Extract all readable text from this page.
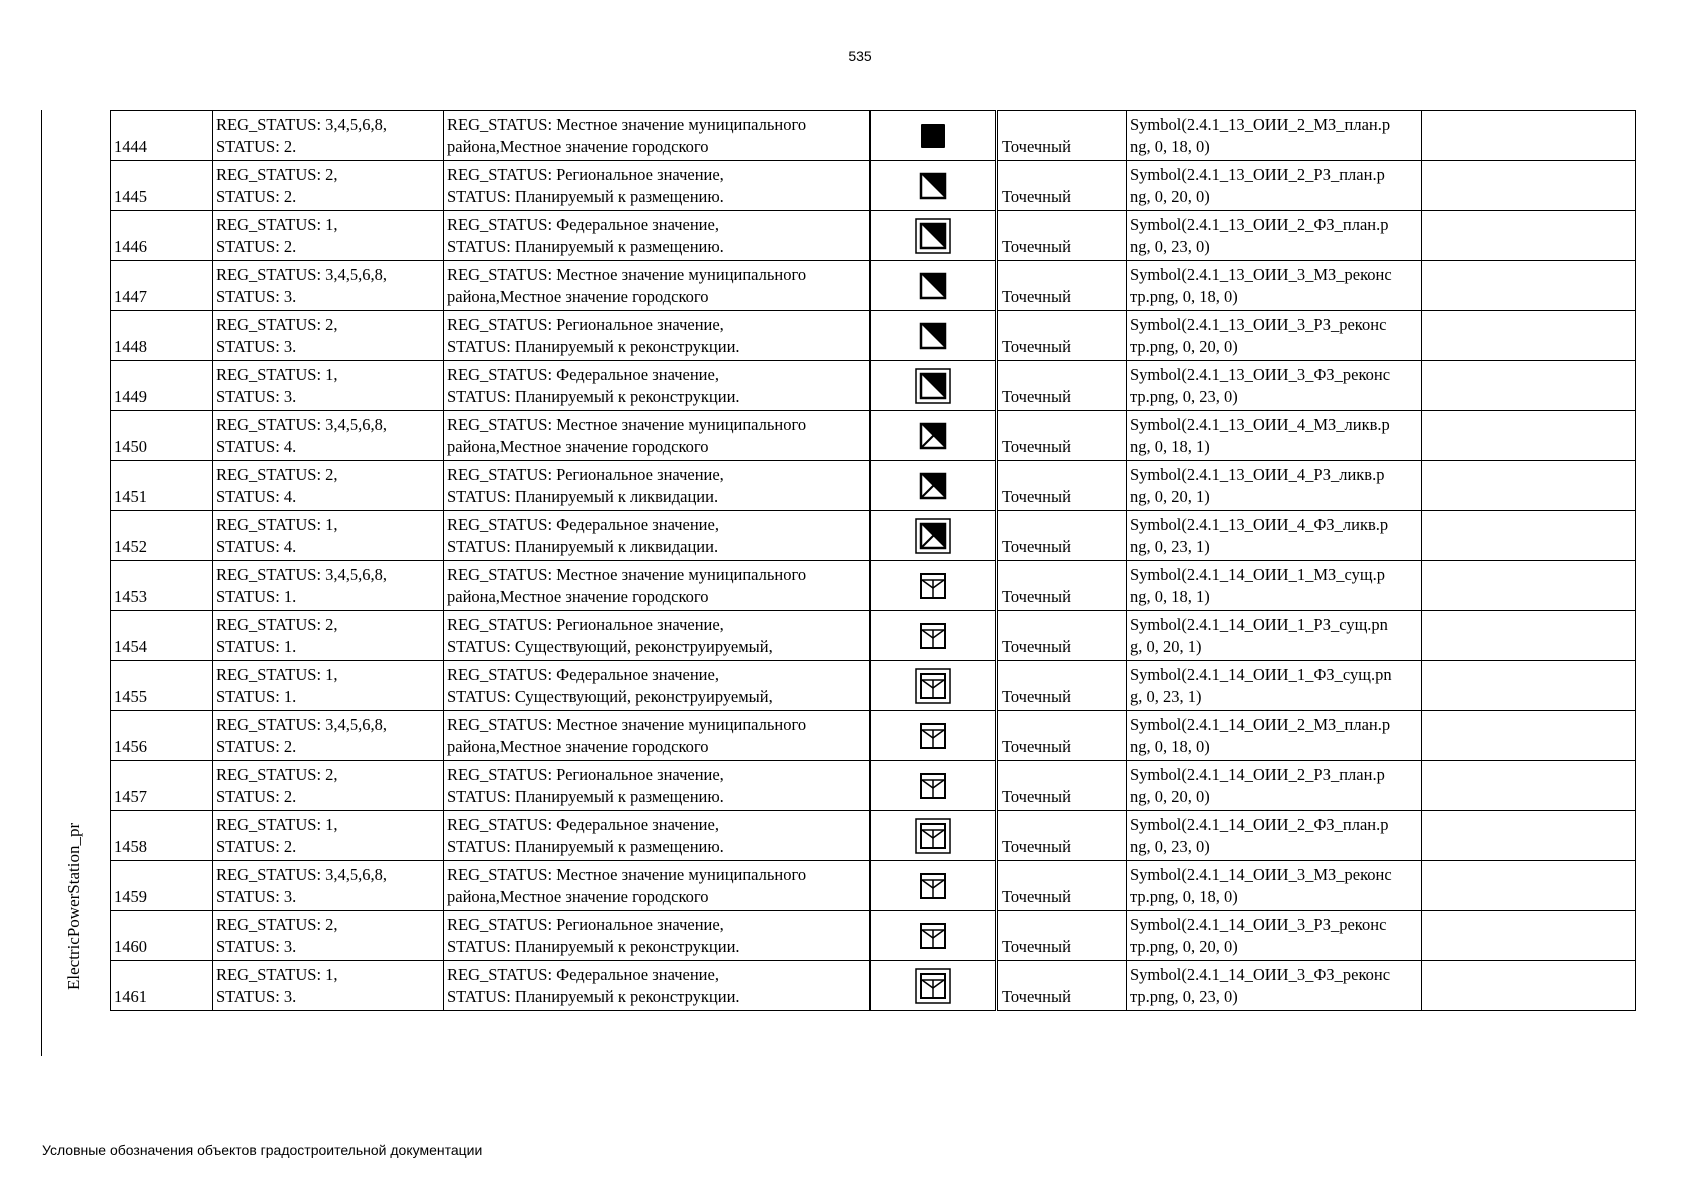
535
ElectricPowerStation_pr
1444	REG_STATUS: 3,4,5,6,8,
STATUS: 2.	REG_STATUS: Местное значение муниципального
района,Местное значение городского		Точечный	Symbol(2.4.1_13_ОИИ_2_МЗ_план.p
ng, 0, 18, 0)	

1445	REG_STATUS: 2,
STATUS: 2.	REG_STATUS: Региональное значение,
STATUS: Планируемый к размещению.		Точечный	Symbol(2.4.1_13_ОИИ_2_РЗ_план.p
ng, 0, 20, 0)	

1446	REG_STATUS: 1,
STATUS: 2.	REG_STATUS: Федеральное значение,
STATUS: Планируемый к размещению.		Точечный	Symbol(2.4.1_13_ОИИ_2_ФЗ_план.p
ng, 0, 23, 0)	

1447	REG_STATUS: 3,4,5,6,8,
STATUS: 3.	REG_STATUS: Местное значение муниципального
района,Местное значение городского		Точечный	Symbol(2.4.1_13_ОИИ_3_МЗ_реконс
тр.png, 0, 18, 0)	

1448	REG_STATUS: 2,
STATUS: 3.	REG_STATUS: Региональное значение,
STATUS: Планируемый к реконструкции.		Точечный	Symbol(2.4.1_13_ОИИ_3_РЗ_реконс
тр.png, 0, 20, 0)	

1449	REG_STATUS: 1,
STATUS: 3.	REG_STATUS: Федеральное значение,
STATUS: Планируемый к реконструкции.		Точечный	Symbol(2.4.1_13_ОИИ_3_ФЗ_реконс
тр.png, 0, 23, 0)	

1450	REG_STATUS: 3,4,5,6,8,
STATUS: 4.	REG_STATUS: Местное значение муниципального
района,Местное значение городского		Точечный	Symbol(2.4.1_13_ОИИ_4_МЗ_ликв.p
ng, 0, 18, 1)	

1451	REG_STATUS: 2,
STATUS: 4.	REG_STATUS: Региональное значение,
STATUS: Планируемый к ликвидации.		Точечный	Symbol(2.4.1_13_ОИИ_4_РЗ_ликв.p
ng, 0, 20, 1)	

1452	REG_STATUS: 1,
STATUS: 4.	REG_STATUS: Федеральное значение,
STATUS: Планируемый к ликвидации.		Точечный	Symbol(2.4.1_13_ОИИ_4_ФЗ_ликв.p
ng, 0, 23, 1)	

1453	REG_STATUS: 3,4,5,6,8,
STATUS: 1.	REG_STATUS: Местное значение муниципального
района,Местное значение городского		Точечный	Symbol(2.4.1_14_ОИИ_1_МЗ_сущ.p
ng, 0, 18, 1)	

1454	REG_STATUS: 2,
STATUS: 1.	REG_STATUS: Региональное значение,
STATUS: Существующий, реконструируемый,		Точечный	Symbol(2.4.1_14_ОИИ_1_РЗ_сущ.pn
g, 0, 20, 1)	

1455	REG_STATUS: 1,
STATUS: 1.	REG_STATUS: Федеральное значение,
STATUS: Существующий, реконструируемый,		Точечный	Symbol(2.4.1_14_ОИИ_1_ФЗ_сущ.pn
g, 0, 23, 1)	

1456	REG_STATUS: 3,4,5,6,8,
STATUS: 2.	REG_STATUS: Местное значение муниципального
района,Местное значение городского		Точечный	Symbol(2.4.1_14_ОИИ_2_МЗ_план.p
ng, 0, 18, 0)	

1457	REG_STATUS: 2,
STATUS: 2.	REG_STATUS: Региональное значение,
STATUS: Планируемый к размещению.		Точечный	Symbol(2.4.1_14_ОИИ_2_РЗ_план.p
ng, 0, 20, 0)	

1458	REG_STATUS: 1,
STATUS: 2.	REG_STATUS: Федеральное значение,
STATUS: Планируемый к размещению.		Точечный	Symbol(2.4.1_14_ОИИ_2_ФЗ_план.p
ng, 0, 23, 0)	

1459	REG_STATUS: 3,4,5,6,8,
STATUS: 3.	REG_STATUS: Местное значение муниципального
района,Местное значение городского		Точечный	Symbol(2.4.1_14_ОИИ_3_МЗ_реконс
тр.png, 0, 18, 0)	

1460	REG_STATUS: 2,
STATUS: 3.	REG_STATUS: Региональное значение,
STATUS: Планируемый к реконструкции.		Точечный	Symbol(2.4.1_14_ОИИ_3_РЗ_реконс
тр.png, 0, 20, 0)	

1461	REG_STATUS: 1,
STATUS: 3.	REG_STATUS: Федеральное значение,
STATUS: Планируемый к реконструкции.		Точечный	Symbol(2.4.1_14_ОИИ_3_ФЗ_реконс
тр.png, 0, 23, 0)	

Условные обозначения объектов градостроительной документации
